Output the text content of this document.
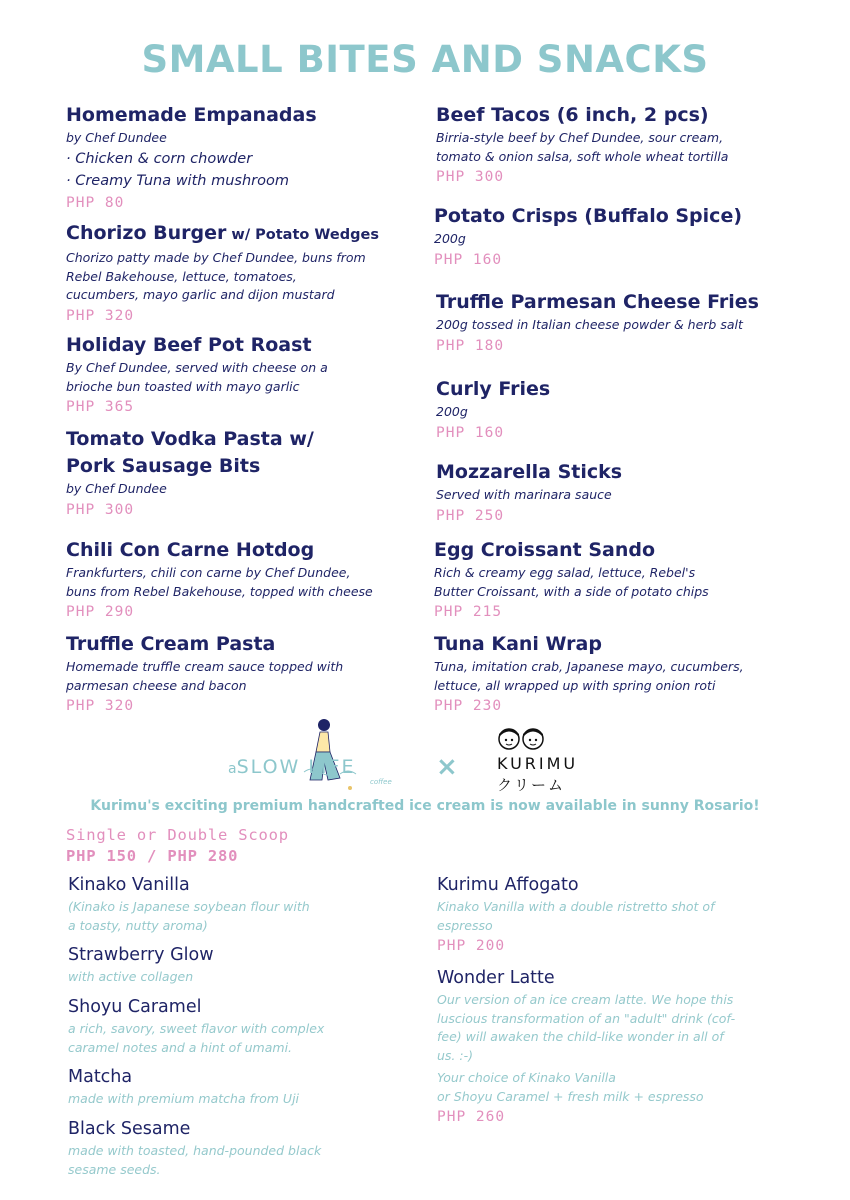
SMALL BITES AND SNACKS
Homemade Empanadas
by Chef Dundee
· Chicken & corn chowder
· Creamy Tuna with mushroom
PHP 80
Chorizo Burger w/ Potato Wedges
Chorizo patty made by Chef Dundee, buns from
Rebel Bakehouse, lettuce, tomatoes,
cucumbers, mayo garlic and dijon mustard
PHP 320
Holiday Beef Pot Roast
By Chef Dundee, served with cheese on a
brioche bun toasted with mayo garlic
PHP 365
Tomato Vodka Pasta w/
Pork Sausage Bits
by Chef Dundee
PHP 300
Chili Con Carne Hotdog
Frankfurters, chili con carne by Chef Dundee,
buns from Rebel Bakehouse, topped with cheese
PHP 290
Truffle Cream Pasta
Homemade truffle cream sauce topped with
parmesan cheese and bacon
PHP 320
Beef Tacos (6 inch, 2 pcs)
Birria-style beef by Chef Dundee, sour cream,
tomato & onion salsa, soft whole wheat tortilla
PHP 300
Potato Crisps (Buffalo Spice)
200g
PHP 160
Truffle Parmesan Cheese Fries
200g tossed in Italian cheese powder & herb salt
PHP 180
Curly Fries
200g
PHP 160
Mozzarella Sticks
Served with marinara sauce
PHP 250
Egg Croissant Sando
Rich & creamy egg salad, lettuce, Rebel's
Butter Croissant, with a side of potato chips
PHP 215
Tuna Kani Wrap
Tuna, imitation crab, Japanese mayo, cucumbers,
lettuce, all wrapped up with spring onion roti
PHP 230
aSLOW LIFE
coffee × KURIMU
クリーム
Kurimu's exciting premium handcrafted ice cream is now available in sunny Rosario!
Single or Double Scoop
PHP 150 / PHP 280
Kinako Vanilla
(Kinako is Japanese soybean flour with
a toasty, nutty aroma)
Strawberry Glow
with active collagen
Shoyu Caramel
a rich, savory, sweet flavor with complex
caramel notes and a hint of umami.
Matcha
made with premium matcha from Uji
Black Sesame
made with toasted, hand-pounded black
sesame seeds.
Kurimu Affogato
Kinako Vanilla with a double ristretto shot of
espresso
PHP 200
Wonder Latte
Our version of an ice cream latte. We hope this
luscious transformation of an "adult" drink (cof-
fee) will awaken the child-like wonder in all of
us. :-)
Your choice of Kinako Vanilla
or Shoyu Caramel + fresh milk + espresso
PHP 260
